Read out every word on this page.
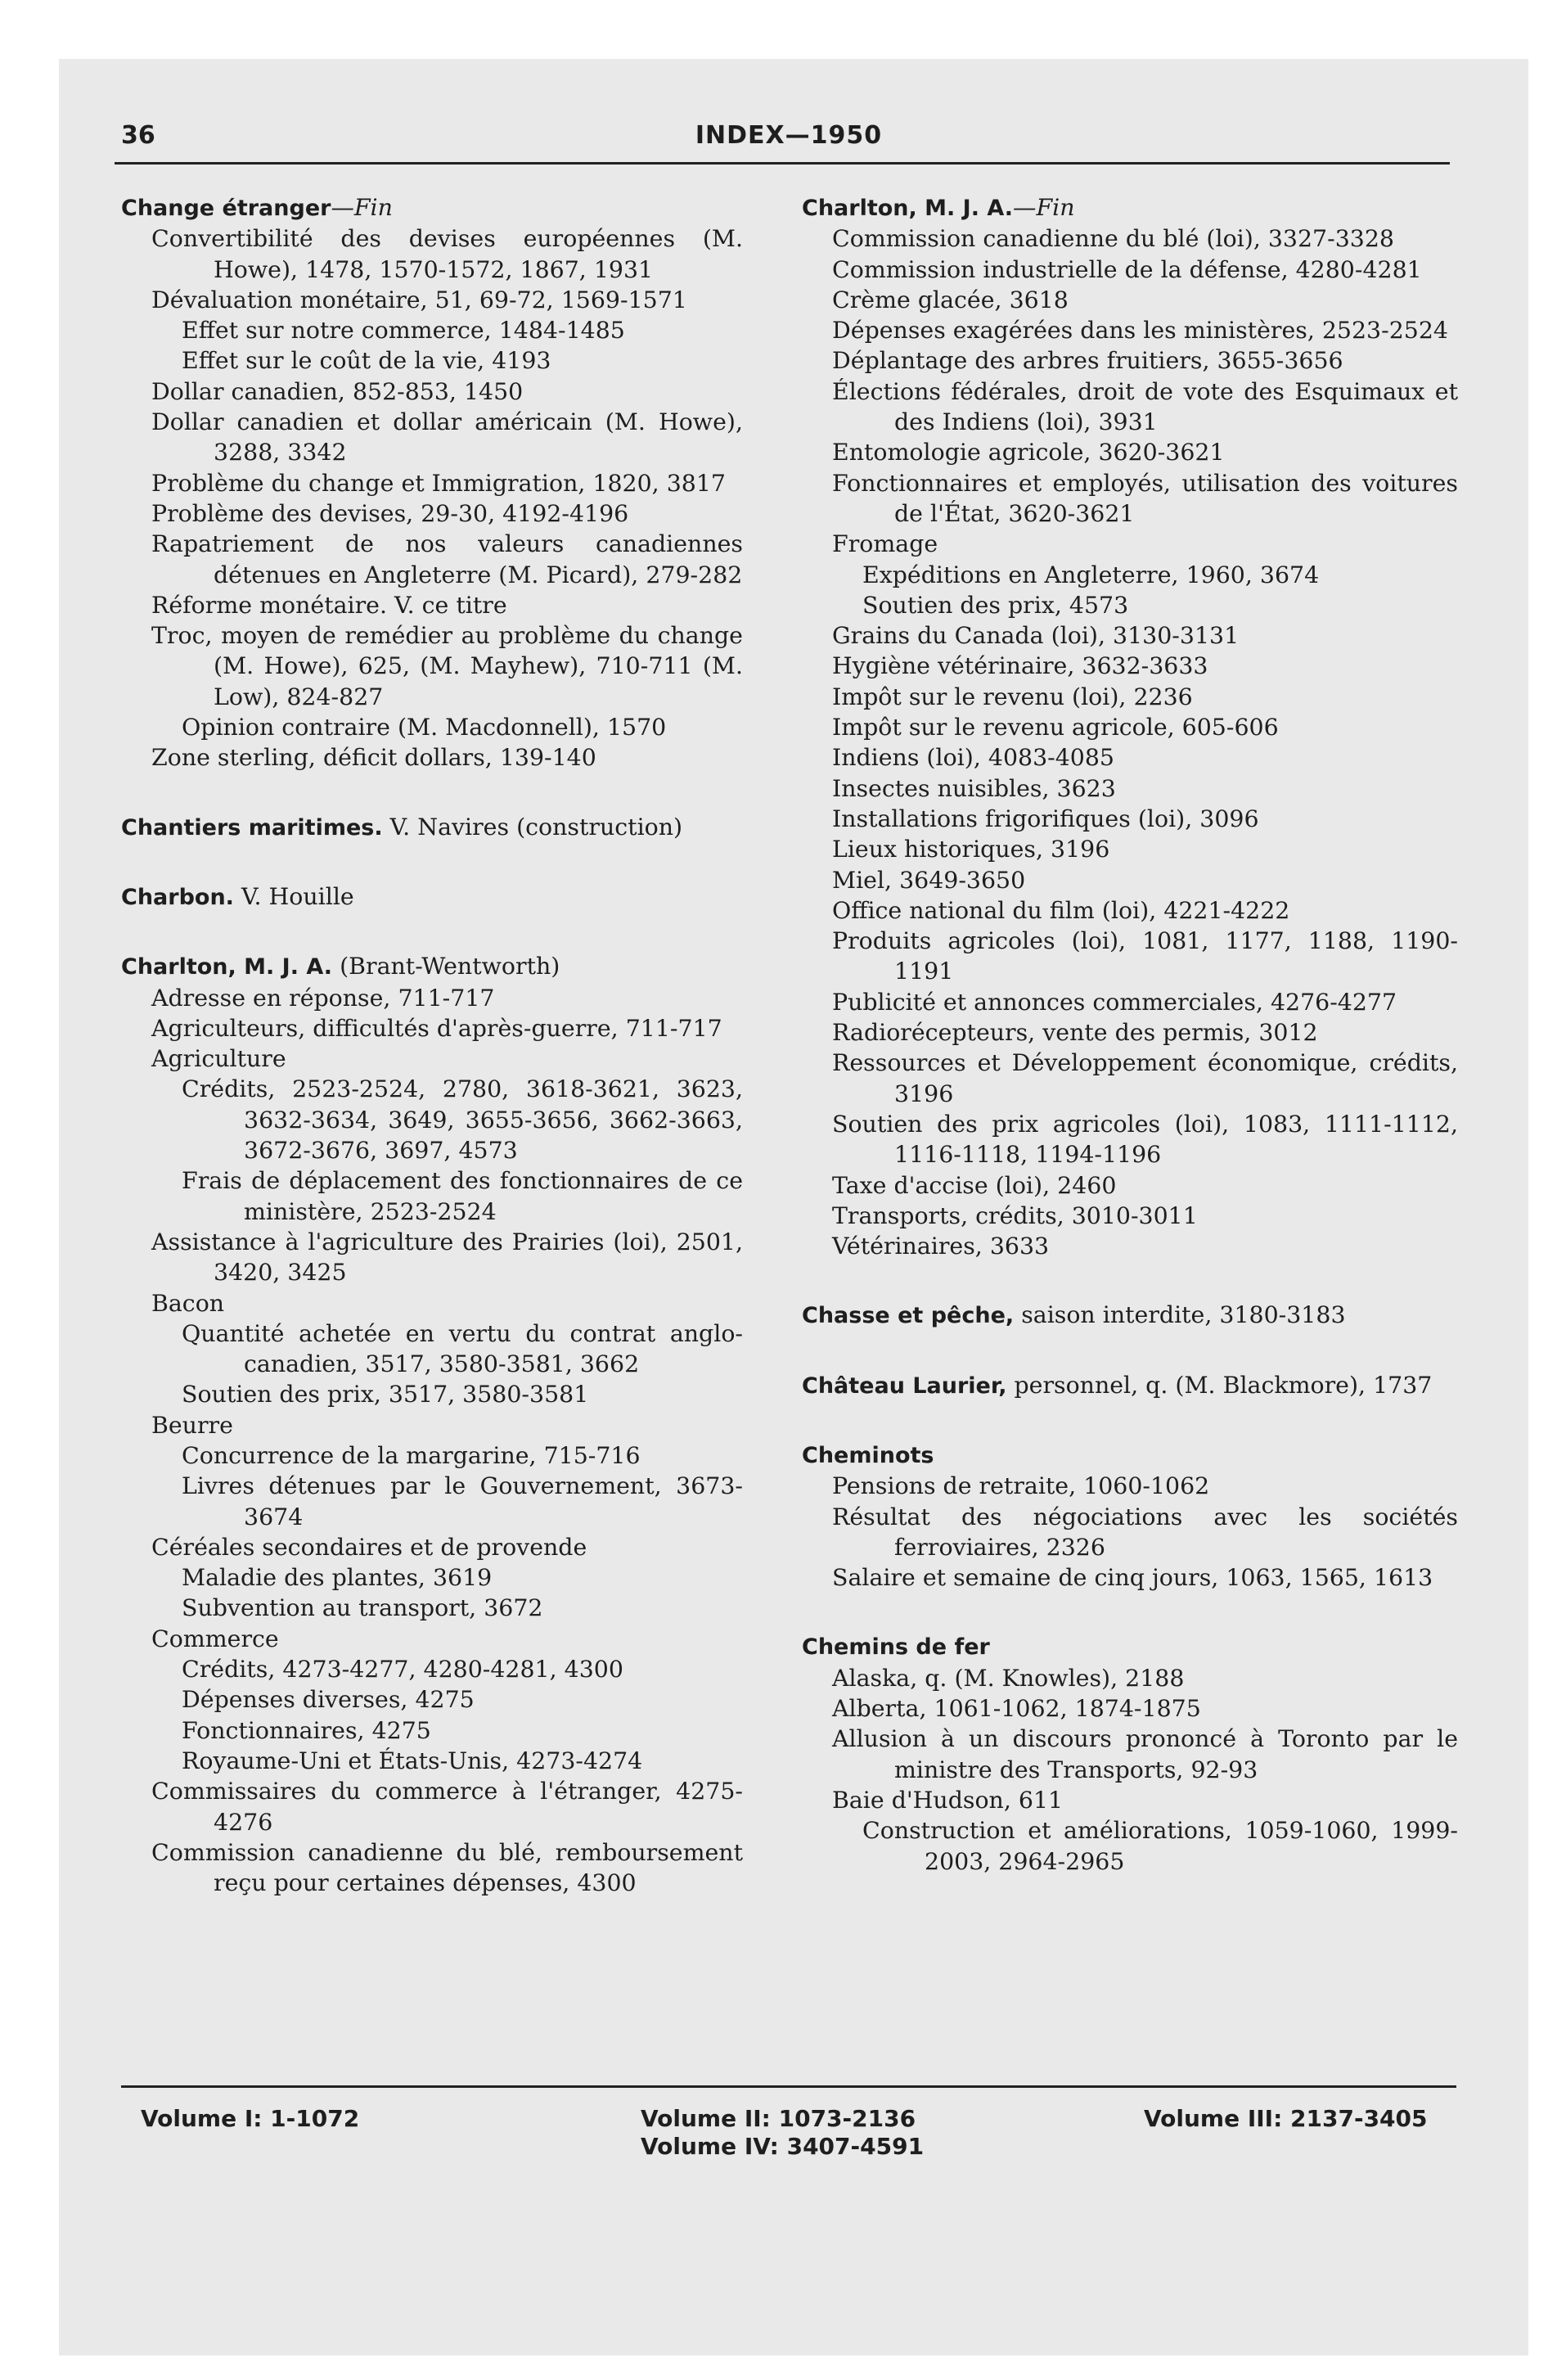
36	INDEX—1950
Change étranger—Fin
Convertibilité des devises européennes (M. Howe), 1478, 1570-1572, 1867, 1931
Dévaluation monétaire, 51, 69-72, 1569-1571
Effet sur notre commerce, 1484-1485
Effet sur le coût de la vie, 4193
Dollar canadien, 852-853, 1450
Dollar canadien et dollar américain (M. Howe), 3288, 3342
Problème du change et Immigration, 1820, 3817
Problème des devises, 29-30, 4192-4196
Rapatriement de nos valeurs canadiennes détenues en Angleterre (M. Picard), 279-282
Réforme monétaire. V. ce titre
Troc, moyen de remédier au problème du change (M. Howe), 625, (M. Mayhew), 710-711 (M. Low), 824-827
Opinion contraire (M. Macdonnell), 1570
Zone sterling, déficit dollars, 139-140
Chantiers maritimes. V. Navires (construction)
Charbon. V. Houille
Charlton, M. J. A. (Brant-Wentworth)
Adresse en réponse, 711-717
Agriculteurs, difficultés d'après-guerre, 711-717
Agriculture
Crédits, 2523-2524, 2780, 3618-3621, 3623, 3632-3634, 3649, 3655-3656, 3662-3663, 3672-3676, 3697, 4573
Frais de déplacement des fonctionnaires de ce ministère, 2523-2524
Assistance à l'agriculture des Prairies (loi), 2501, 3420, 3425
Bacon
Quantité achetée en vertu du contrat anglo-canadien, 3517, 3580-3581, 3662
Soutien des prix, 3517, 3580-3581
Beurre
Concurrence de la margarine, 715-716
Livres détenues par le Gouvernement, 3673-3674
Céréales secondaires et de provende
Maladie des plantes, 3619
Subvention au transport, 3672
Commerce
Crédits, 4273-4277, 4280-4281, 4300
Dépenses diverses, 4275
Fonctionnaires, 4275
Royaume-Uni et États-Unis, 4273-4274
Commissaires du commerce à l'étranger, 4275-4276
Commission canadienne du blé, remboursement reçu pour certaines dépenses, 4300
Charlton, M. J. A.—Fin
Commission canadienne du blé (loi), 3327-3328
Commission industrielle de la défense, 4280-4281
Crème glacée, 3618
Dépenses exagérées dans les ministères, 2523-2524
Déplantage des arbres fruitiers, 3655-3656
Élections fédérales, droit de vote des Esquimaux et des Indiens (loi), 3931
Entomologie agricole, 3620-3621
Fonctionnaires et employés, utilisation des voitures de l'État, 3620-3621
Fromage
Expéditions en Angleterre, 1960, 3674
Soutien des prix, 4573
Grains du Canada (loi), 3130-3131
Hygiène vétérinaire, 3632-3633
Impôt sur le revenu (loi), 2236
Impôt sur le revenu agricole, 605-606
Indiens (loi), 4083-4085
Insectes nuisibles, 3623
Installations frigorifiques (loi), 3096
Lieux historiques, 3196
Miel, 3649-3650
Office national du film (loi), 4221-4222
Produits agricoles (loi), 1081, 1177, 1188, 1190-1191
Publicité et annonces commerciales, 4276-4277
Radiorécepteurs, vente des permis, 3012
Ressources et Développement économique, crédits, 3196
Soutien des prix agricoles (loi), 1083, 1111-1112, 1116-1118, 1194-1196
Taxe d'accise (loi), 2460
Transports, crédits, 3010-3011
Vétérinaires, 3633
Chasse et pêche, saison interdite, 3180-3183
Château Laurier, personnel, q. (M. Blackmore), 1737
Cheminots
Pensions de retraite, 1060-1062
Résultat des négociations avec les sociétés ferroviaires, 2326
Salaire et semaine de cinq jours, 1063, 1565, 1613
Chemins de fer
Alaska, q. (M. Knowles), 2188
Alberta, 1061-1062, 1874-1875
Allusion à un discours prononcé à Toronto par le ministre des Transports, 92-93
Baie d'Hudson, 611
Construction et améliorations, 1059-1060, 1999-2003, 2964-2965
Volume I: 1-1072	Volume II: 1073-2136
Volume IV: 3407-4591
Volume III: 2137-3405
